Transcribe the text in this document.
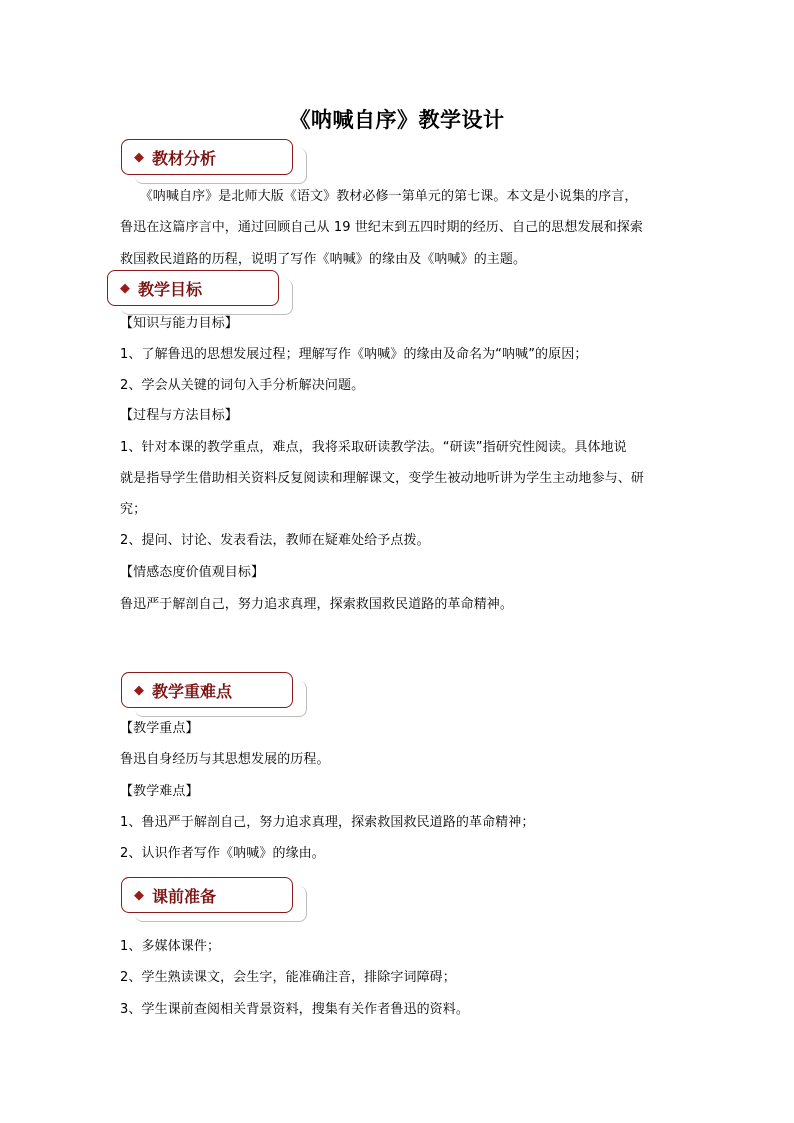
《呐喊自序》教学设计
◆ 教材分析
　　《呐喊自序》是北师大版《语文》教材必修一第单元的第七课。本文是小说集的序言，
鲁迅在这篇序言中，通过回顾自己从 19 世纪末到五四时期的经历、自己的思想发展和探索
救国救民道路的历程，说明了写作《呐喊》的缘由及《呐喊》的主题。
◆ 教学目标
【知识与能力目标】
1、了解鲁迅的思想发展过程；理解写作《呐喊》的缘由及命名为“呐喊”的原因；
2、学会从关键的词句入手分析解决问题。
【过程与方法目标】
1、针对本课的教学重点，难点，我将采取研读教学法。“研读”指研究性阅读。具体地说
就是指导学生借助相关资料反复阅读和理解课文，变学生被动地听讲为学生主动地参与、研
究；
2、提问、讨论、发表看法，教师在疑难处给予点拨。
【情感态度价值观目标】
鲁迅严于解剖自己，努力追求真理，探索救国救民道路的革命精神。
◆ 教学重难点
【教学重点】
鲁迅自身经历与其思想发展的历程。
【教学难点】
1、鲁迅严于解剖自己，努力追求真理，探索救国救民道路的革命精神；
2、认识作者写作《呐喊》的缘由。
◆ 课前准备
1、多媒体课件；
2、学生熟读课文，会生字，能准确注音，排除字词障碍；
3、学生课前查阅相关背景资料，搜集有关作者鲁迅的资料。
